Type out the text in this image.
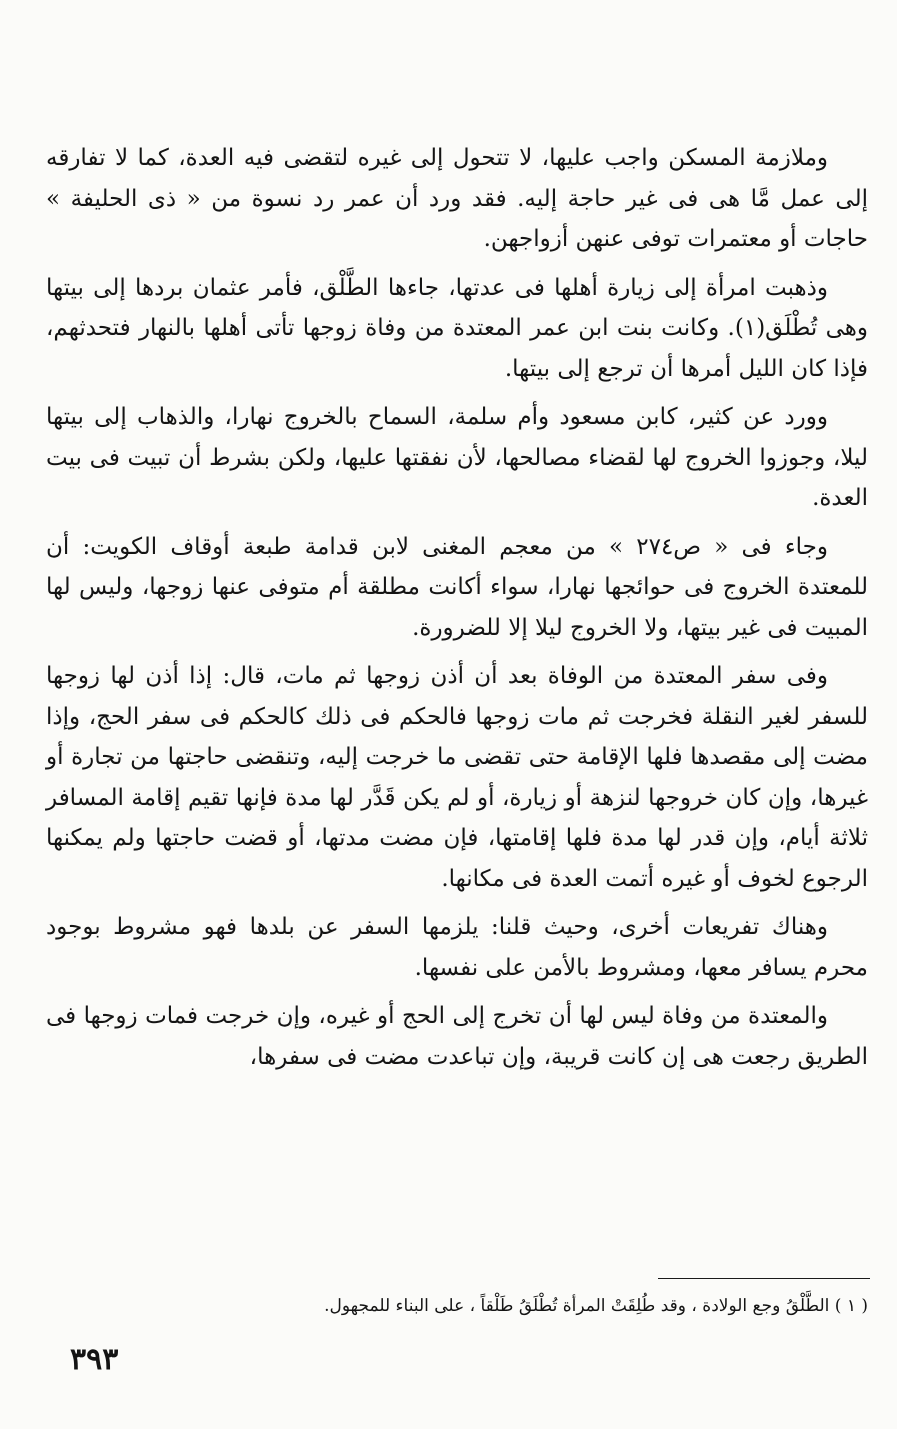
وملازمة المسكن واجب عليها، لا تتحول إلى غيره لتقضى فيه العدة، كما لا تفارقه إلى عمل مَّا هى فى غير حاجة إليه. فقد ورد أن عمر رد نسوة من « ذى الحليفة » حاجات أو معتمرات توفى عنهن أزواجهن.

وذهبت امرأة إلى زيارة أهلها فى عدتها، جاءها الطَّلْق، فأمر عثمان بردها إلى بيتها وهى تُطْلَق(١). وكانت بنت ابن عمر المعتدة من وفاة زوجها تأتى أهلها بالنهار فتحدثهم، فإذا كان الليل أمرها أن ترجع إلى بيتها.

وورد عن كثير، كابن مسعود وأم سلمة، السماح بالخروج نهارا، والذهاب إلى بيتها ليلا، وجوزوا الخروج لها لقضاء مصالحها، لأن نفقتها عليها، ولكن بشرط أن تبيت فى بيت العدة.

وجاء فى « ص٢٧٤ » من معجم المغنى لابن قدامة طبعة أوقاف الكويت: أن للمعتدة الخروج فى حوائجها نهارا، سواء أكانت مطلقة أم متوفى عنها زوجها، وليس لها المبيت فى غير بيتها، ولا الخروج ليلا إلا للضرورة.

وفى سفر المعتدة من الوفاة بعد أن أذن زوجها ثم مات، قال: إذا أذن لها زوجها للسفر لغير النقلة فخرجت ثم مات زوجها فالحكم فى ذلك كالحكم فى سفر الحج، وإذا مضت إلى مقصدها فلها الإقامة حتى تقضى ما خرجت إليه، وتنقضى حاجتها من تجارة أو غيرها، وإن كان خروجها لنزهة أو زيارة، أو لم يكن قَدَّر لها مدة فإنها تقيم إقامة المسافر ثلاثة أيام، وإن قدر لها مدة فلها إقامتها، فإن مضت مدتها، أو قضت حاجتها ولم يمكنها الرجوع لخوف أو غيره أتمت العدة فى مكانها.

وهناك تفريعات أخرى، وحيث قلنا: يلزمها السفر عن بلدها فهو مشروط بوجود محرم يسافر معها، ومشروط بالأمن على نفسها.

والمعتدة من وفاة ليس لها أن تخرج إلى الحج أو غيره، وإن خرجت فمات زوجها فى الطريق رجعت هى إن كانت قريبة، وإن تباعدت مضت فى سفرها،

( ١ ) الطَّلْقُ وجع الولادة ، وقد طُلِقَتْ المرأة تُطْلَقُ طَلْقاً ، على البناء للمجهول.
٣٩٣
